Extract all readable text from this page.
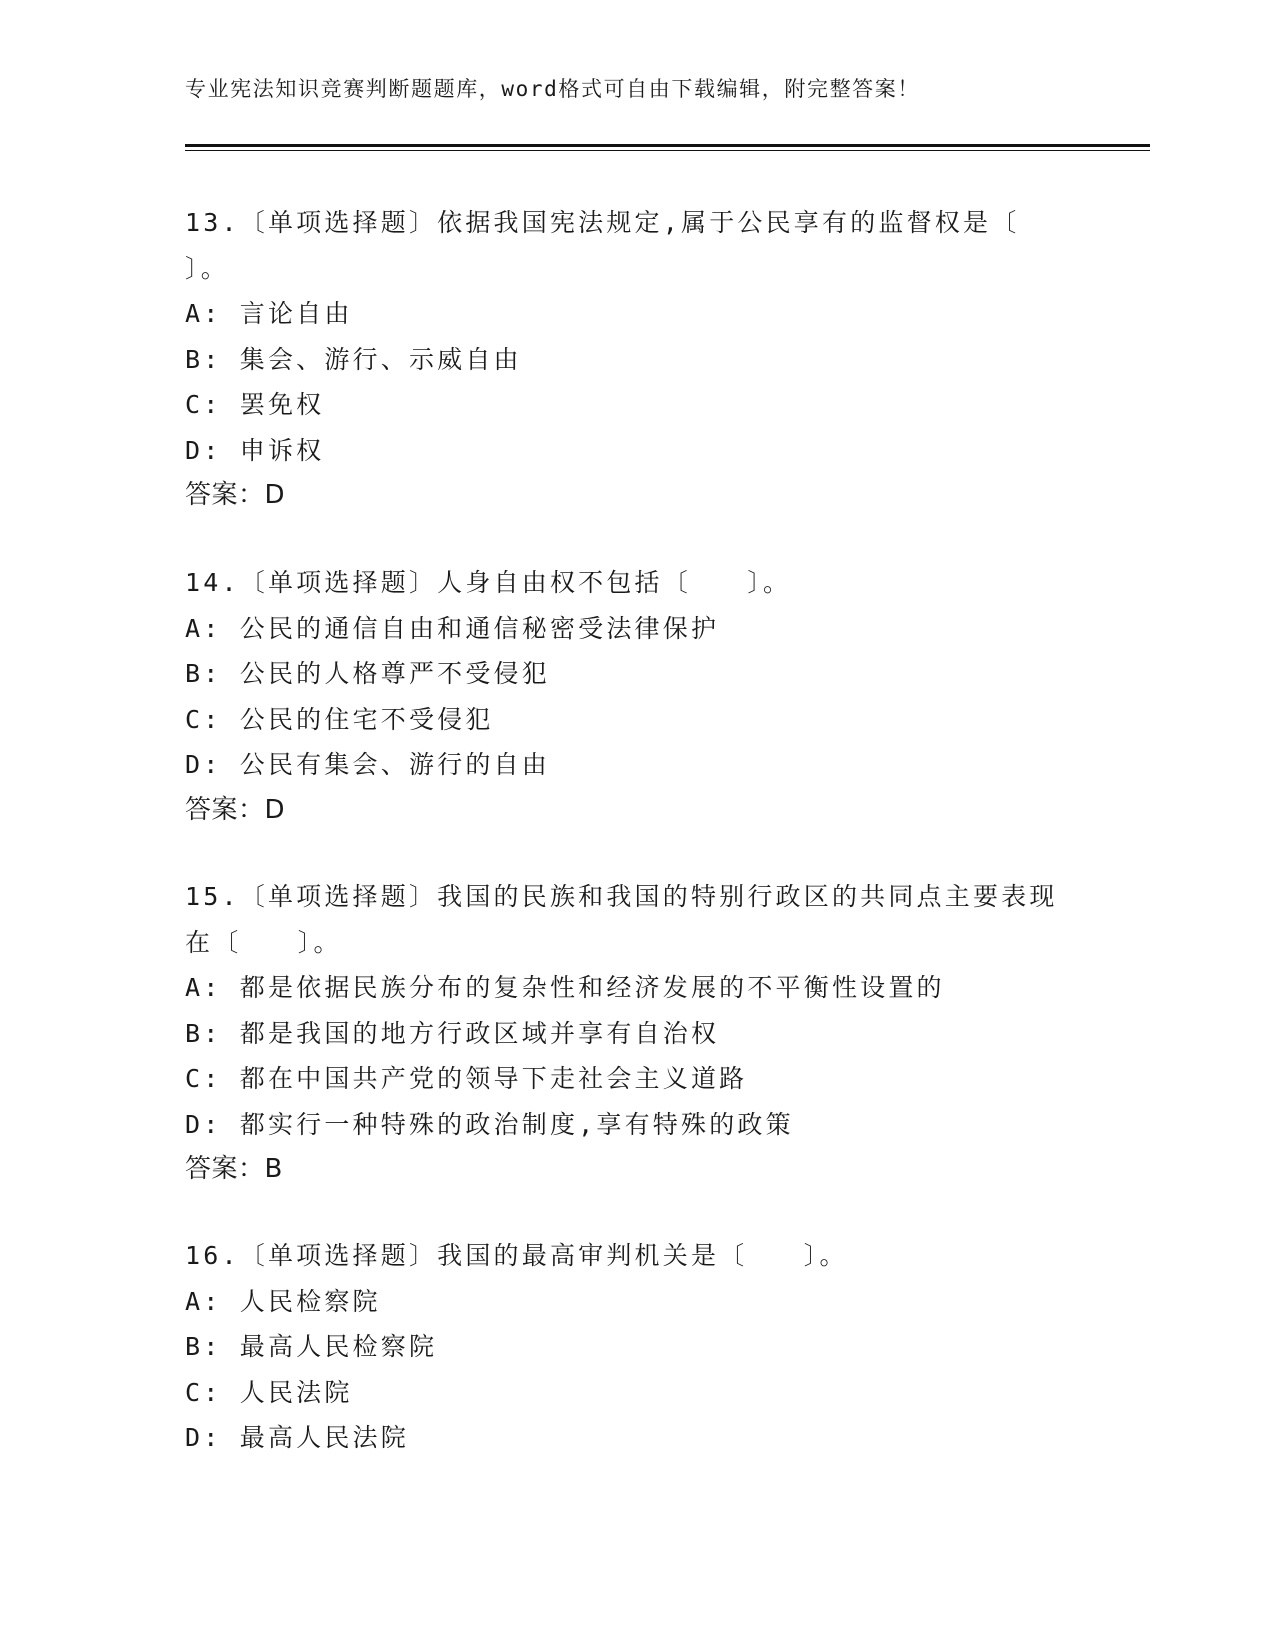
专业宪法知识竞赛判断题题库，word格式可自由下载编辑，附完整答案！
13.〔单项选择题〕依据我国宪法规定,属于公民享有的监督权是〔
〕。
A: 言论自由
B: 集会、游行、示威自由
C: 罢免权
D: 申诉权
答案：D
14.〔单项选择题〕人身自由权不包括〔　　〕。
A: 公民的通信自由和通信秘密受法律保护
B: 公民的人格尊严不受侵犯
C: 公民的住宅不受侵犯
D: 公民有集会、游行的自由
答案：D
15.〔单项选择题〕我国的民族和我国的特别行政区的共同点主要表现
在〔　　〕。
A: 都是依据民族分布的复杂性和经济发展的不平衡性设置的
B: 都是我国的地方行政区域并享有自治权
C: 都在中国共产党的领导下走社会主义道路
D: 都实行一种特殊的政治制度,享有特殊的政策
答案：B
16.〔单项选择题〕我国的最高审判机关是〔　　〕。
A: 人民检察院
B: 最高人民检察院
C: 人民法院
D: 最高人民法院
